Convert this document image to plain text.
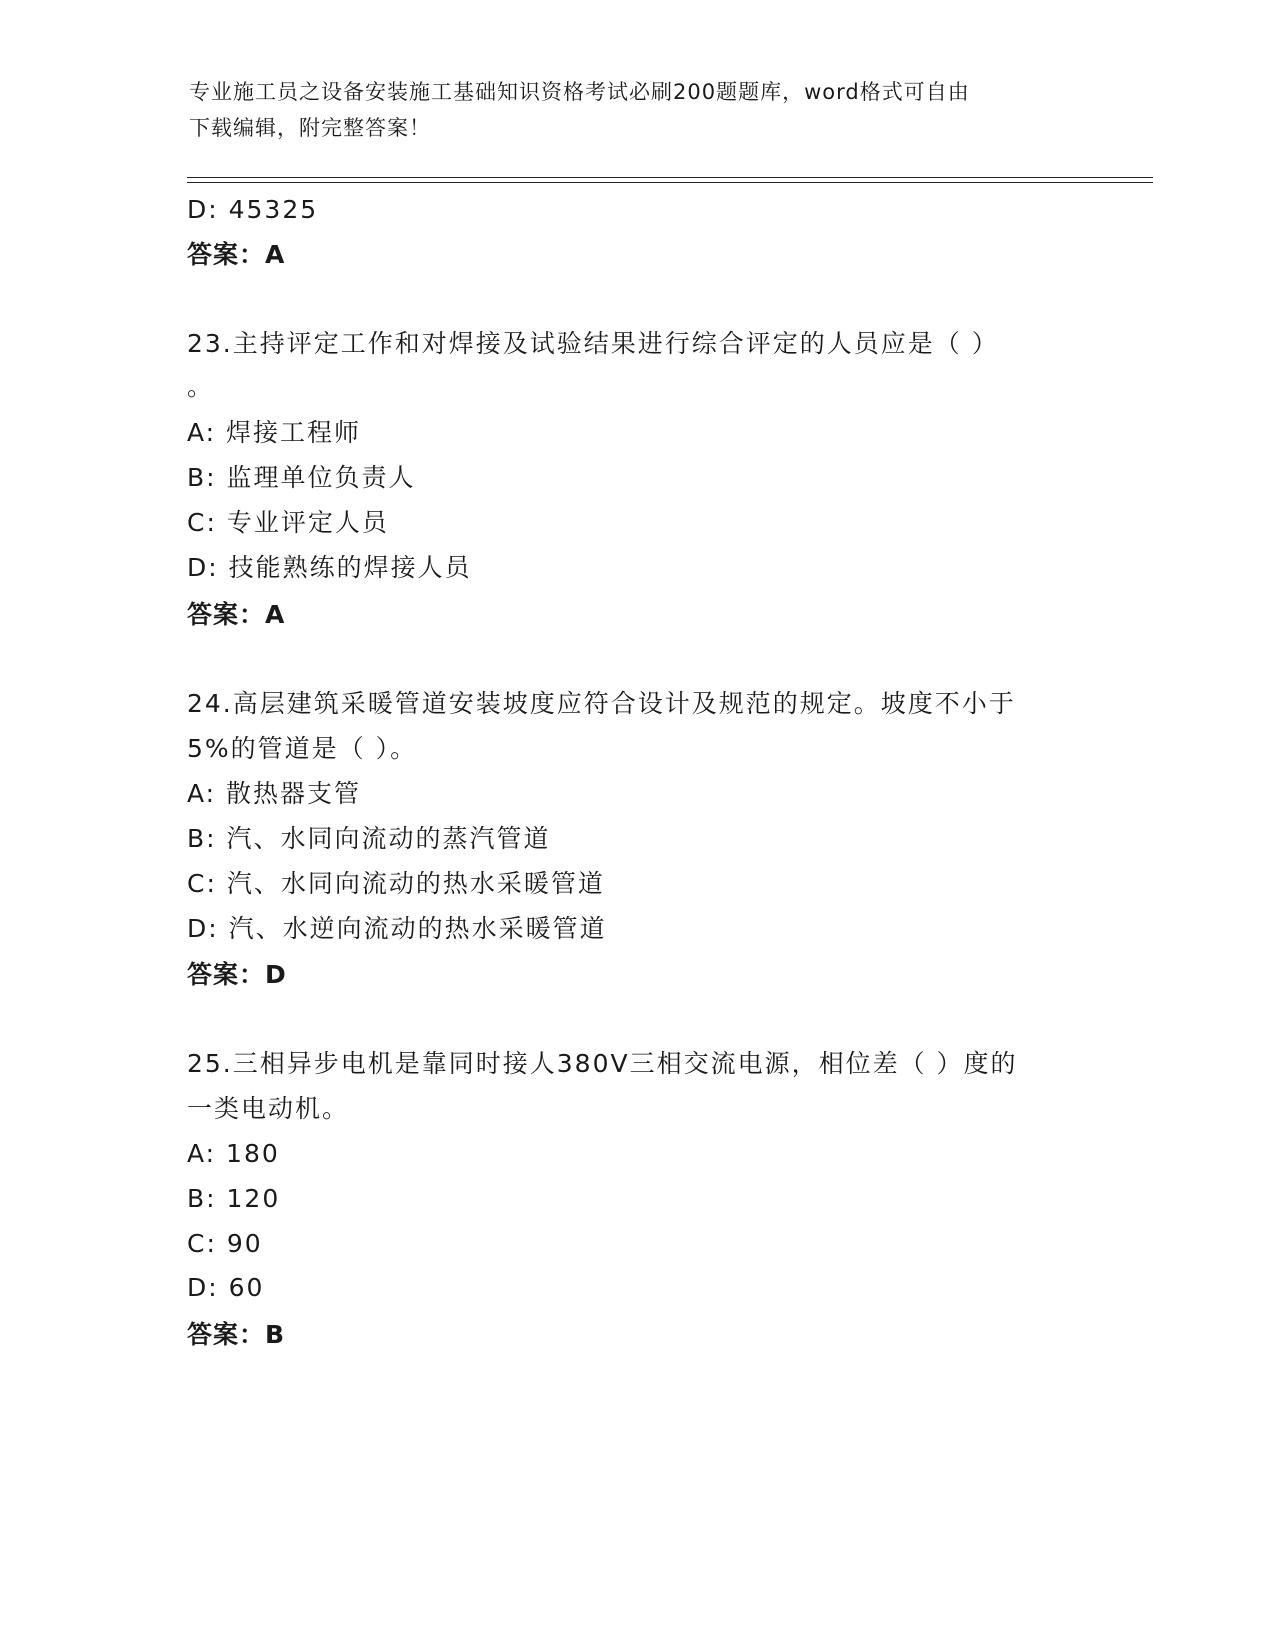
专业施工员之设备安装施工基础知识资格考试必刷200题题库，word格式可自由
下载编辑，附完整答案！
D: 45325
答案：A
23.主持评定工作和对焊接及试验结果进行综合评定的人员应是（ ）
。
A: 焊接工程师
B: 监理单位负责人
C: 专业评定人员
D: 技能熟练的焊接人员
答案：A
24.高层建筑采暖管道安装坡度应符合设计及规范的规定。坡度不小于
5%的管道是（ ）。
A: 散热器支管
B: 汽、水同向流动的蒸汽管道
C: 汽、水同向流动的热水采暖管道
D: 汽、水逆向流动的热水采暖管道
答案：D
25.三相异步电机是靠同时接人380V三相交流电源，相位差（ ）度的
一类电动机。
A: 180
B: 120
C: 90
D: 60
答案：B
